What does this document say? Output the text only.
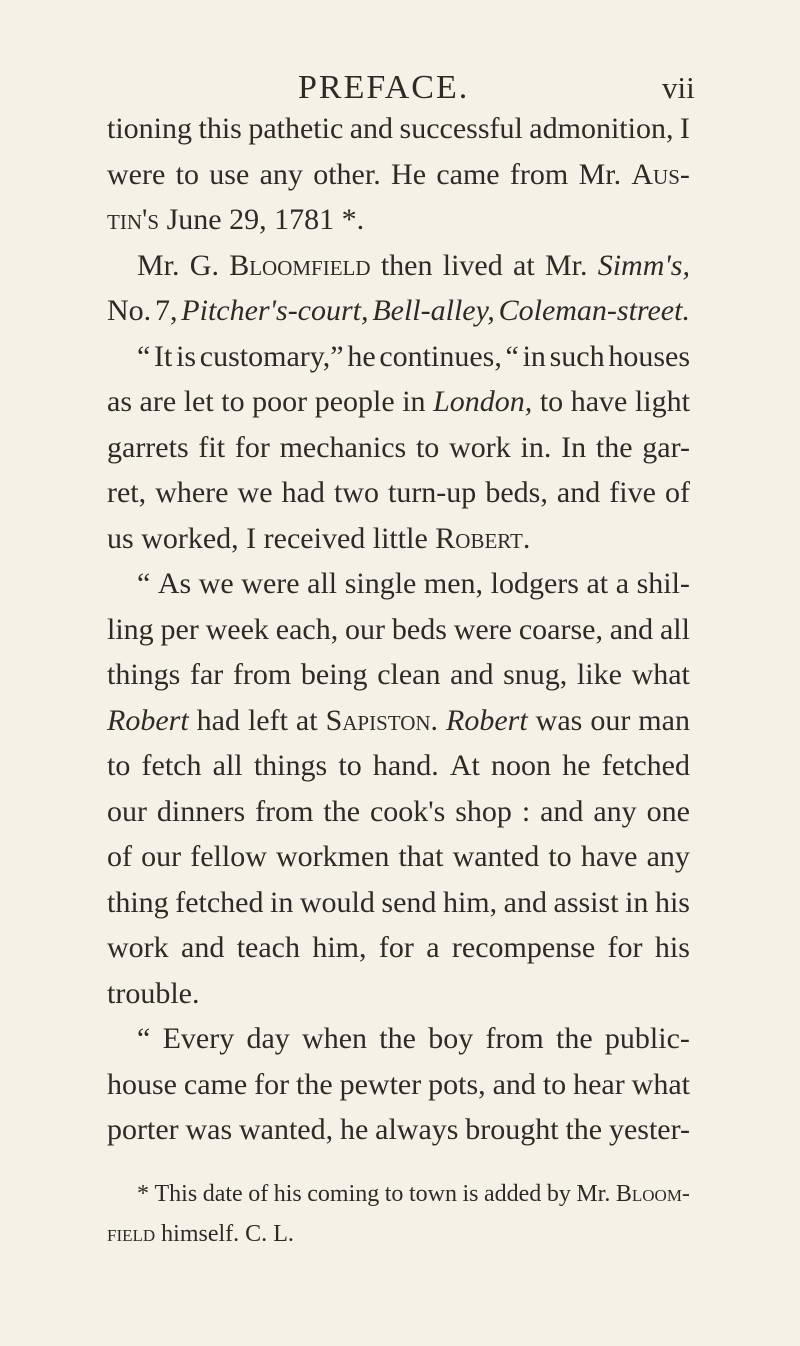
PREFACE.	vii
tioning this pathetic and successful admonition, I
were to use any other. He came from Mr. Aus-
tin's
June
29,
1781
*.
Mr. G. Bloomfield then lived at Mr. Simm's,
No. 7, Pitcher's-court, Bell-alley, Coleman-street.
“ It is customary,” he continues, “ in such houses
as are let to poor people in London, to have light
garrets fit for mechanics to work in. In the gar-
ret, where we had two turn-up beds, and five of
us
worked,
I
received
little
Robert.
“ As we were all single men, lodgers at a shil-
ling per week each, our beds were coarse, and all
things far from being clean and snug, like what
Robert had left at Sapiston. Robert was our man
to fetch all things to hand. At noon he fetched
our dinners from the cook's shop : and any one
of our fellow workmen that wanted to have any
thing fetched in would send him, and assist in his
work and teach him, for a recompense for his
trouble.
“ Every day when the boy from the public-
house came for the pewter pots, and to hear what
porter was wanted, he always brought the yester-
* This date of his coming to town is added by Mr. Bloom-
field
himself.
C.
L.
